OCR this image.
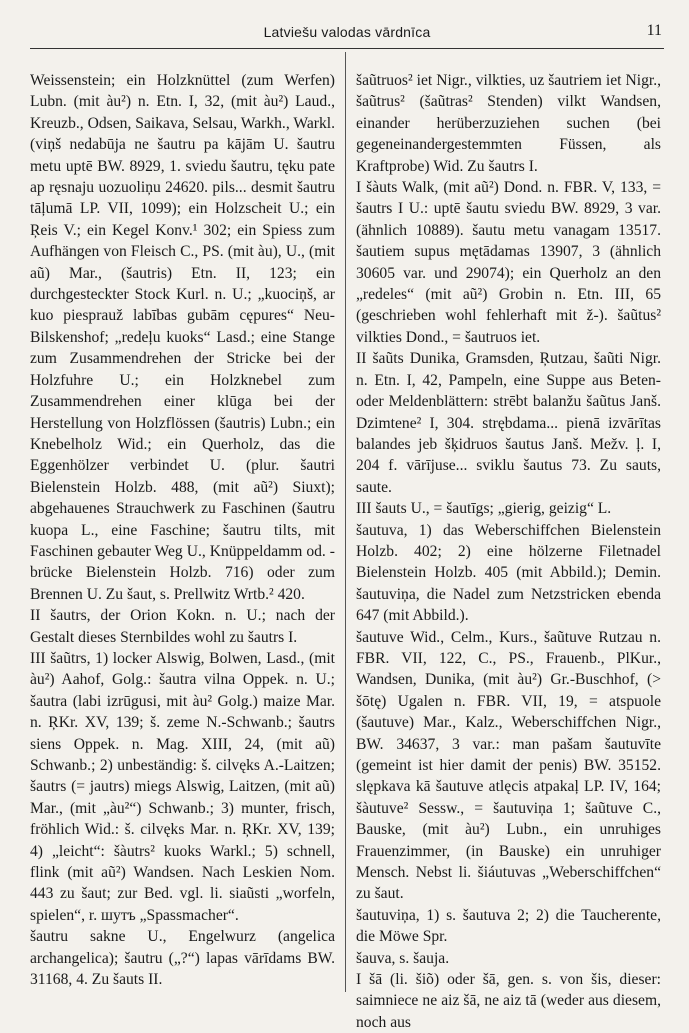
Latviešu valodas vārdnīca	11

Weissenstein; ein Holzknüttel (zum Werfen) Lubn. (mit àu²) n. Etn. I, 32, (mit àu²) Laud., Kreuzb., Odsen, Saikava, Selsau, Warkh., Warkl. (viņš nedabūja ne šautru pa kājām U. šautru metu uptē BW. 8929, 1. sviedu šautru, tęku pate ap ręsnaju uozuoliņu 24620. pils... desmit šautru tāļumā LP. VII, 1099); ein Holzscheit U.; ein Ŗeis V.; ein Kegel Konv.¹ 302; ein Spiess zum Aufhängen von Fleisch C., PS. (mit àu), U., (mit aũ) Mar., (šautris) Etn. II, 123; ein durchgesteckter Stock Kurl. n. U.; „kuociņš, ar kuo piesprauž labības gubām cępures“ Neu-Bilskenshof; „redeļu kuoks“ Lasd.; eine Stange zum Zusammendrehen der Stricke bei der Holzfuhre U.; ein Holzknebel zum Zusammendrehen einer klūga bei der Herstellung von Holzflössen (šautris) Lubn.; ein Knebelholz Wid.; ein Querholz, das die Eggenhölzer verbindet U. (plur. šautri Bielenstein Holzb. 488, (mit aũ²) Siuxt); abgehauenes Strauchwerk zu Faschinen (šautru kuopa L., eine Faschine; šautru tilts, mit Faschinen gebauter Weg U., Knüppeldamm od. -brücke Bielenstein Holzb. 716) oder zum Brennen U. Zu šaut, s. Prellwitz Wrtb.² 420.

II šautrs, der Orion Kokn. n. U.; nach der Gestalt dieses Sternbildes wohl zu šautrs I.

III šaũtrs, 1) locker Alswig, Bolwen, Lasd., (mit àu²) Aahof, Golg.: šautra vilna Oppek. n. U.; šautra (labi izrūgusi, mit àu² Golg.) maize Mar. n. ŖKr. XV, 139; š. zeme N.-Schwanb.; šautrs siens Oppek. n. Mag. XIII, 24, (mit aũ) Schwanb.; 2) unbeständig: š. cilvęks A.-Laitzen; šautrs (= jautrs) miegs Alswig, Laitzen, (mit aũ) Mar., (mit „àu²“) Schwanb.; 3) munter, frisch, fröhlich Wid.: š. cilvęks Mar. n. ŖKr. XV, 139; 4) „leicht“: šàutrs² kuoks Warkl.; 5) schnell, flink (mit aũ²) Wandsen. Nach Leskien Nom. 443 zu šaut; zur Bed. vgl. li. siaũsti „worfeln, spielen“, r. шутъ „Spassmacher“.

šautru sakne U., Engelwurz (angelica archangelica); šautru („?“) lapas vārīdams BW. 31168, 4. Zu šauts II.

šaũtruos² iet Nigr., vilkties, uz šautriem iet Nigr., šaũtrus² (šaũtras² Stenden) vilkt Wandsen, einander herüberzuziehen suchen (bei gegeneinandergestemmten Füssen, als Kraftprobe) Wid. Zu šautrs I.

I šàuts Walk, (mit aũ²) Dond. n. FBR. V, 133, = šautrs I U.: uptē šautu sviedu BW. 8929, 3 var. (ähnlich 10889). šautu metu vanagam 13517. šautiem supus mętādamas 13907, 3 (ähnlich 30605 var. und 29074); ein Querholz an den „redeles“ (mit aũ²) Grobin n. Etn. III, 65 (geschrieben wohl fehlerhaft mit ž-). šaũtus² vilkties Dond., = šautruos iet.

II šaũts Dunika, Gramsden, Ŗutzau, šaũti Nigr. n. Etn. I, 42, Pampeln, eine Suppe aus Beten- oder Meldenblättern: strēbt balanžu šaũtus Janš. Dzimtene² I, 304. strębdama... pienā izvārītas balandes jeb šķidruos šautus Janš. Mežv. ļ. I, 204 f. vārījuse... sviklu šautus 73. Zu sauts, saute.

III šauts U., = šautīgs; „gierig, geizig“ L.

šautuva, 1) das Weberschiffchen Bielenstein Holzb. 402; 2) eine hölzerne Filetnadel Bielenstein Holzb. 405 (mit Abbild.); Demin. šautuviņa, die Nadel zum Netzstricken ebenda 647 (mit Abbild.).

šautuve Wid., Celm., Kurs., šaũtuve Rutzau n. FBR. VII, 122, C., PS., Frauenb., PlKur., Wandsen, Dunika, (mit àu²) Gr.-Buschhof, (> šōtę) Ugalen n. FBR. VII, 19, = atspuole (šautuve) Mar., Kalz., Weberschiffchen Nigr., BW. 34637, 3 var.: man pašam šautuvīte (gemeint ist hier damit der penis) BW. 35152. slępkava kā šautuve atlęcis atpakaļ LP. IV, 164; šàutuve² Sessw., = šautuviņa 1; šaũtuve C., Bauske, (mit àu²) Lubn., ein unruhiges Frauenzimmer, (in Bauske) ein unruhiger Mensch. Nebst li. šiáutuvas „Weberschiffchen“ zu šaut.

šautuviņa, 1) s. šautuva 2; 2) die Taucherente, die Möwe Spr.

šauva, s. šauja.

I šā (li. šiõ) oder šā, gen. s. von šis, dieser: saimniece ne aiz šā, ne aiz tā (weder aus diesem, noch aus
